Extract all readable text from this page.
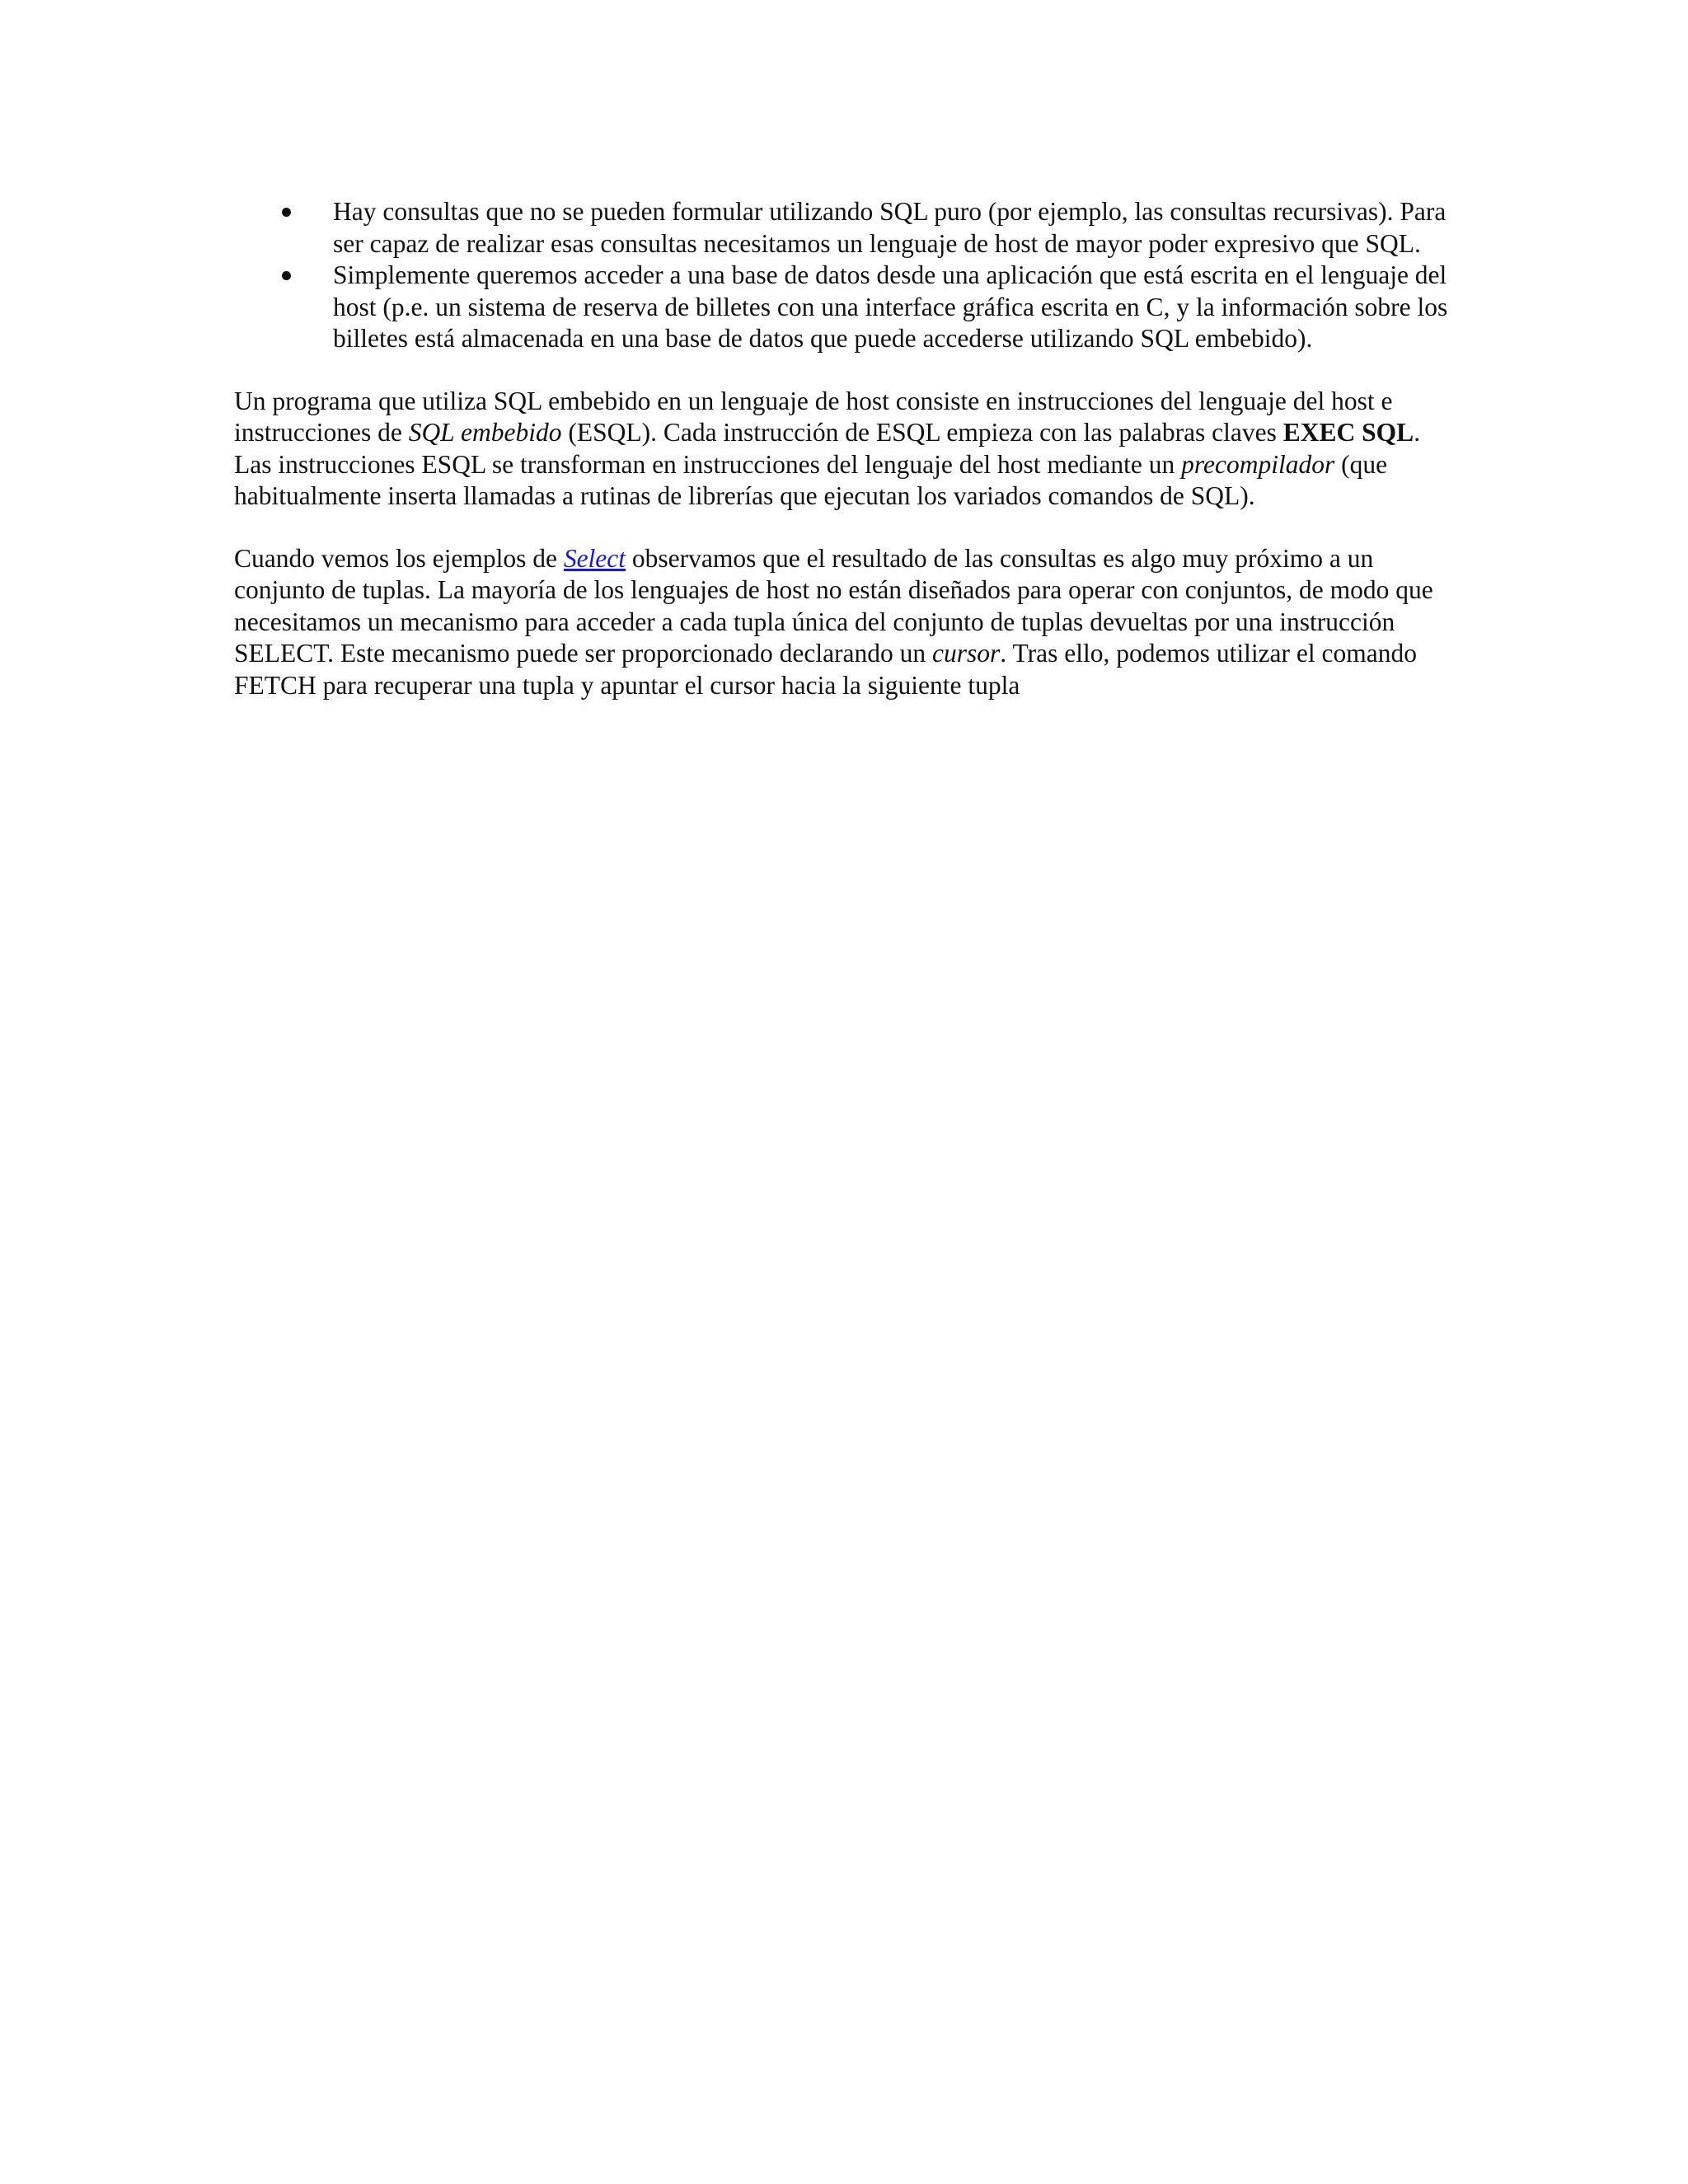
Hay consultas que no se pueden formular utilizando SQL puro (por ejemplo, las consultas recursivas). Para ser capaz de realizar esas consultas necesitamos un lenguaje de host de mayor poder expresivo que SQL.
Simplemente queremos acceder a una base de datos desde una aplicación que está escrita en el lenguaje del host (p.e. un sistema de reserva de billetes con una interface gráfica escrita en C, y la información sobre los billetes está almacenada en una base de datos que puede accederse utilizando SQL embebido).

Un programa que utiliza SQL embebido en un lenguaje de host consiste en instrucciones del lenguaje del host e instrucciones de SQL embebido (ESQL). Cada instrucción de ESQL empieza con las palabras claves EXEC SQL. Las instrucciones ESQL se transforman en instrucciones del lenguaje del host mediante un precompilador (que habitualmente inserta llamadas a rutinas de librerías que ejecutan los variados comandos de SQL).

Cuando vemos los ejemplos de Select observamos que el resultado de las consultas es algo muy próximo a un conjunto de tuplas. La mayoría de los lenguajes de host no están diseñados para operar con conjuntos, de modo que necesitamos un mecanismo para acceder a cada tupla única del conjunto de tuplas devueltas por una instrucción SELECT. Este mecanismo puede ser proporcionado declarando un cursor. Tras ello, podemos utilizar el comando FETCH para recuperar una tupla y apuntar el cursor hacia la siguiente tupla
